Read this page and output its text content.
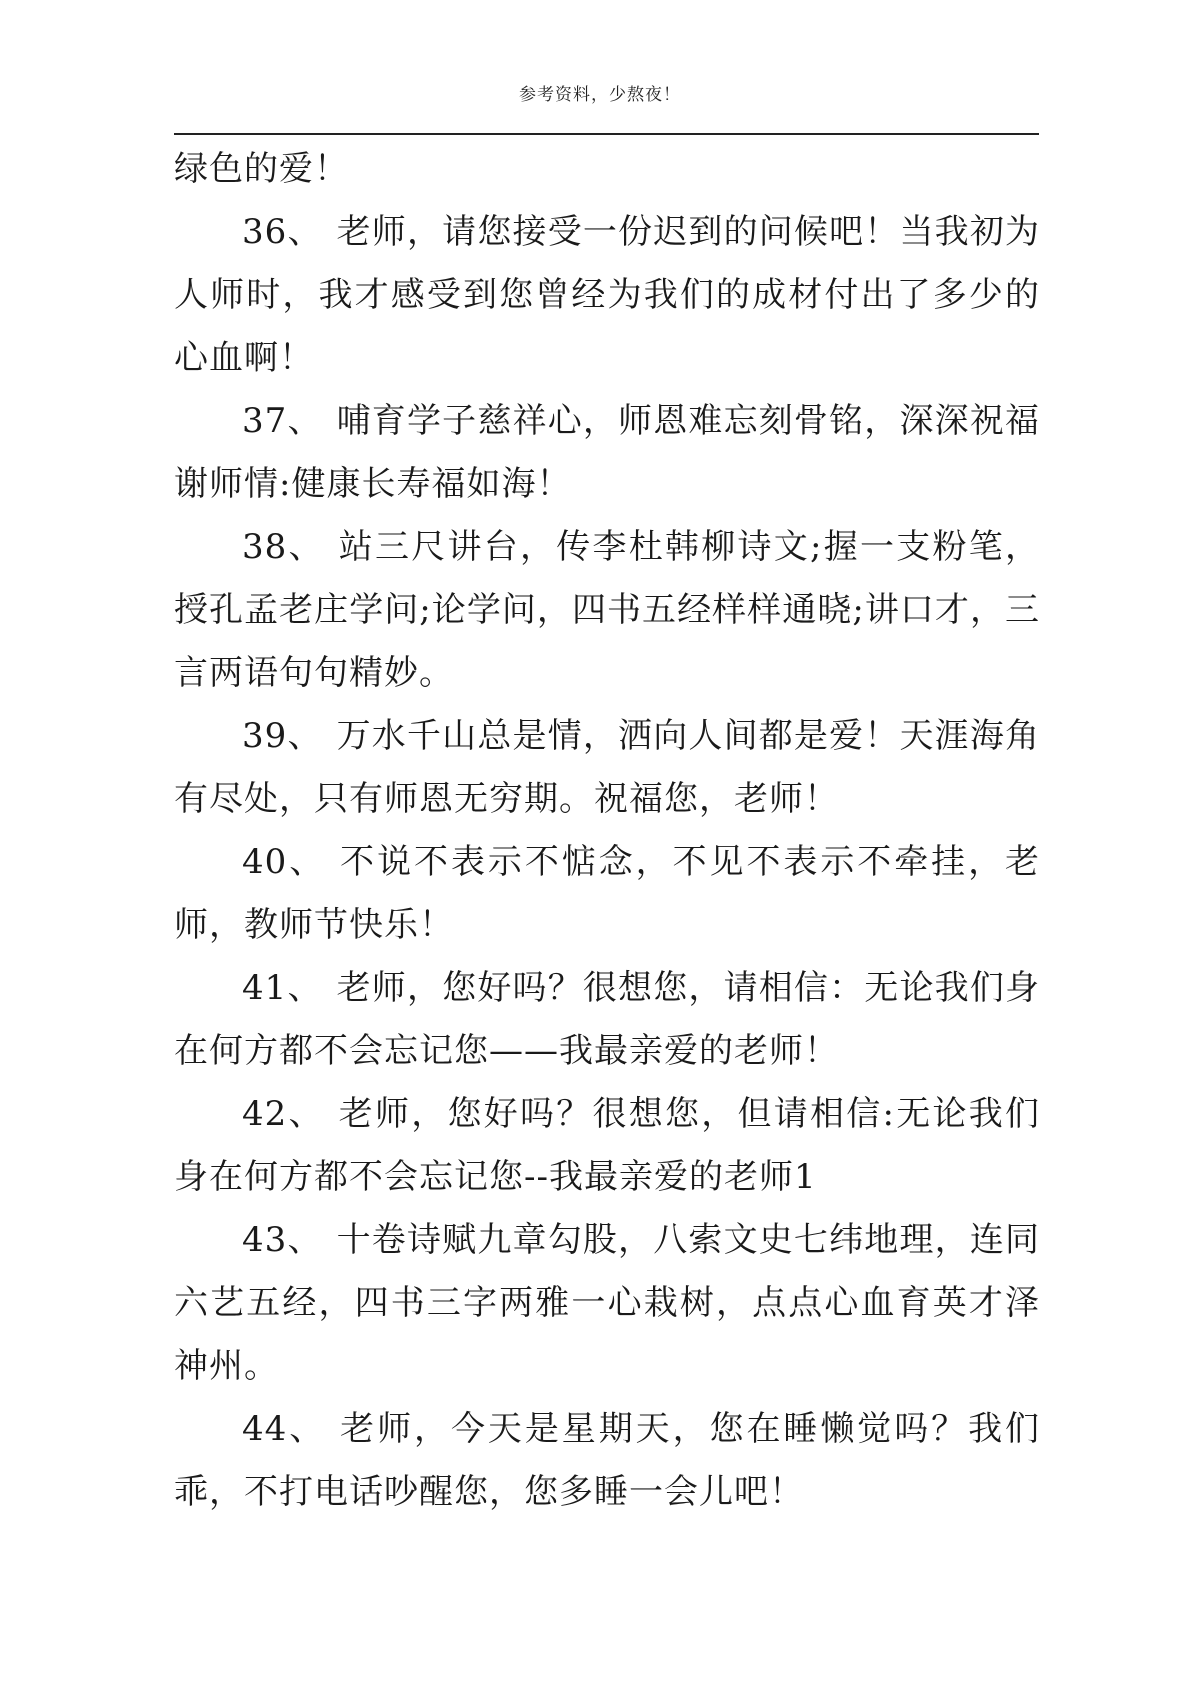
参考资料，少熬夜！

绿色的爱！

36、 老师，请您接受一份迟到的问候吧！当我初为人师时，我才感受到您曾经为我们的成材付出了多少的心血啊！

37、 哺育学子慈祥心，师恩难忘刻骨铭，深深祝福谢师情:健康长寿福如海！

38、 站三尺讲台，传李杜韩柳诗文;握一支粉笔，授孔孟老庄学问;论学问，四书五经样样通晓;讲口才，三言两语句句精妙。

39、 万水千山总是情，洒向人间都是爱！天涯海角有尽处，只有师恩无穷期。祝福您，老师！

40、 不说不表示不惦念，不见不表示不牵挂，老师，教师节快乐！

41、 老师，您好吗？很想您，请相信：无论我们身在何方都不会忘记您——我最亲爱的老师！

42、 老师，您好吗？很想您，但请相信:无论我们身在何方都不会忘记您--我最亲爱的老师1

43、 十卷诗赋九章勾股，八索文史七纬地理，连同六艺五经，四书三字两雅一心栽树，点点心血育英才泽神州。

44、 老师，今天是星期天，您在睡懒觉吗？我们乖，不打电话吵醒您，您多睡一会儿吧！
